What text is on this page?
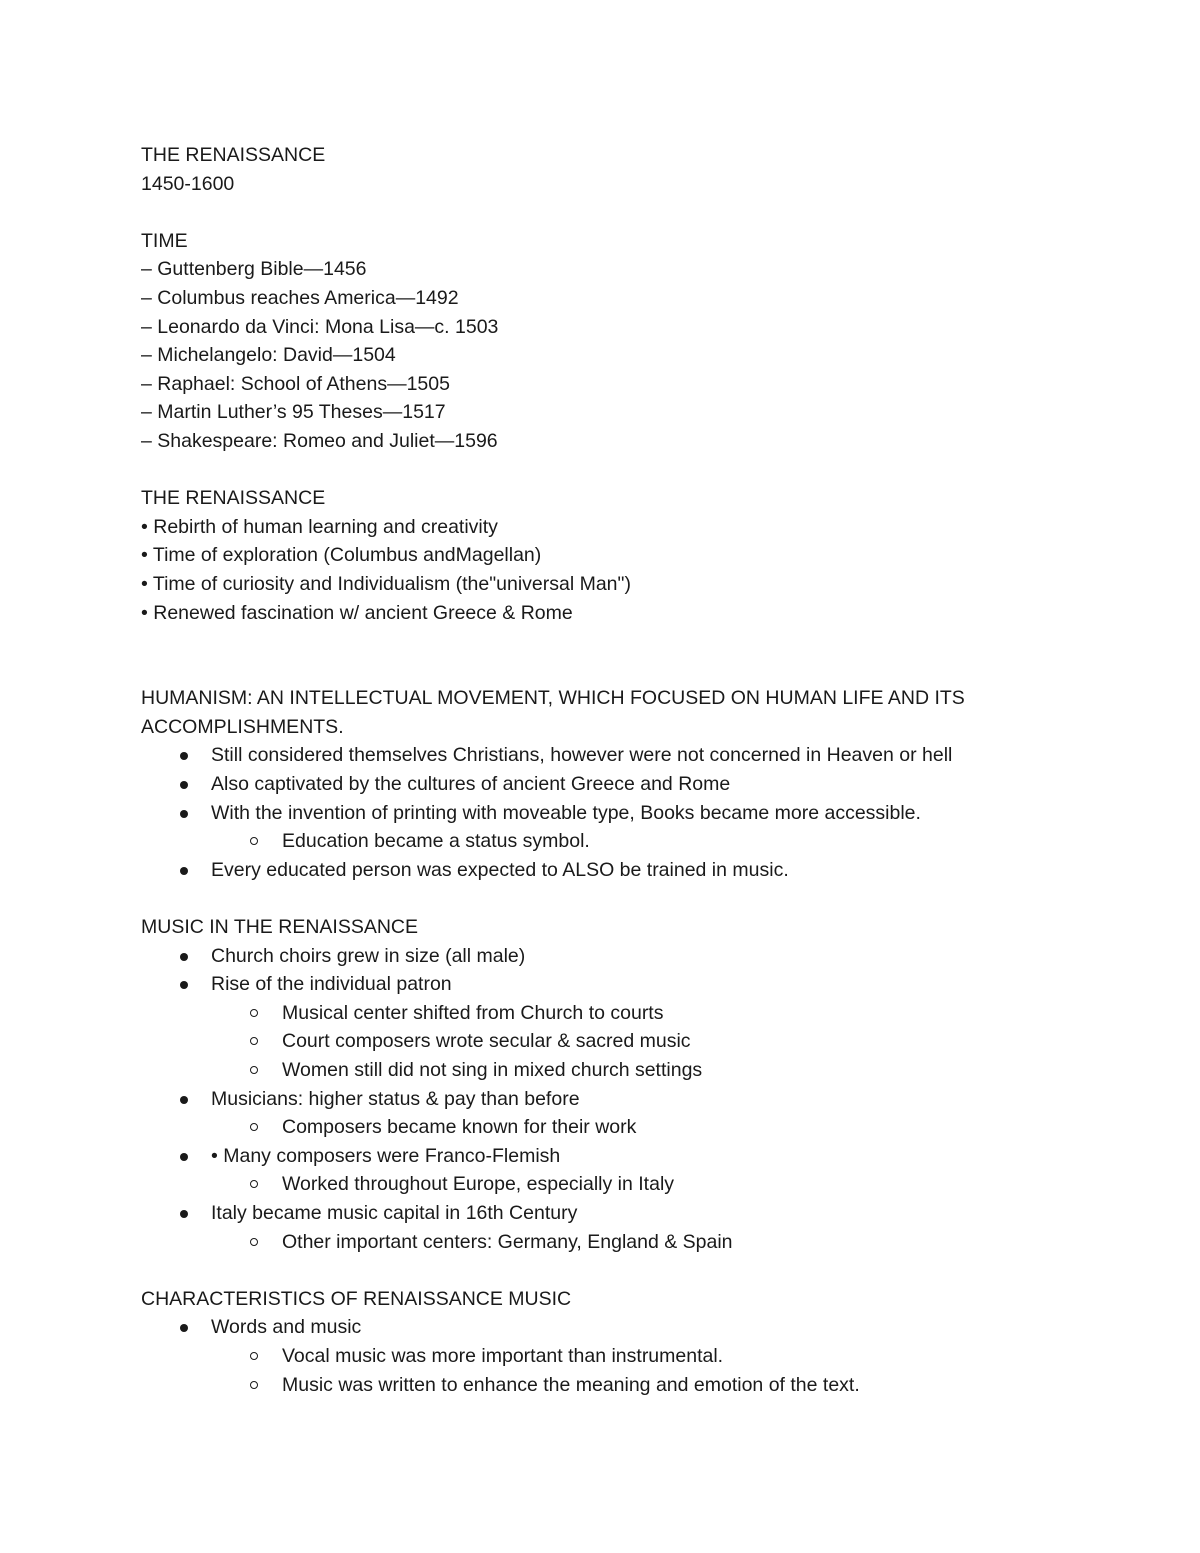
THE RENAISSANCE
1450-1600
TIME
– Guttenberg Bible—1456
– Columbus reaches America—1492
– Leonardo da Vinci: Mona Lisa—c. 1503
– Michelangelo: David—1504
– Raphael: School of Athens—1505
– Martin Luther’s 95 Theses—1517
– Shakespeare: Romeo and Juliet—1596
THE RENAISSANCE
• Rebirth of human learning and creativity
• Time of exploration (Columbus andMagellan)
• Time of curiosity and Individualism (the"universal Man")
• Renewed fascination w/ ancient Greece & Rome
HUMANISM: AN INTELLECTUAL MOVEMENT, WHICH FOCUSED ON HUMAN LIFE AND ITS ACCOMPLISHMENTS.
Still considered themselves Christians, however were not concerned in Heaven or hell
Also captivated by the cultures of ancient Greece and Rome
With the invention of printing with moveable type, Books became more accessible.
Education became a status symbol.
Every educated person was expected to ALSO be trained in music.
MUSIC IN THE RENAISSANCE
Church choirs grew in size (all male)
Rise of the individual patron
Musical center shifted from Church to courts
Court composers wrote secular & sacred music
Women still did not sing in mixed church settings
Musicians: higher status & pay than before
Composers became known for their work
• Many composers were Franco-Flemish
Worked throughout Europe, especially in Italy
Italy became music capital in 16th Century
Other important centers: Germany, England & Spain
CHARACTERISTICS OF RENAISSANCE MUSIC
Words and music
Vocal music was more important than instrumental.
Music was written to enhance the meaning and emotion of the text.
